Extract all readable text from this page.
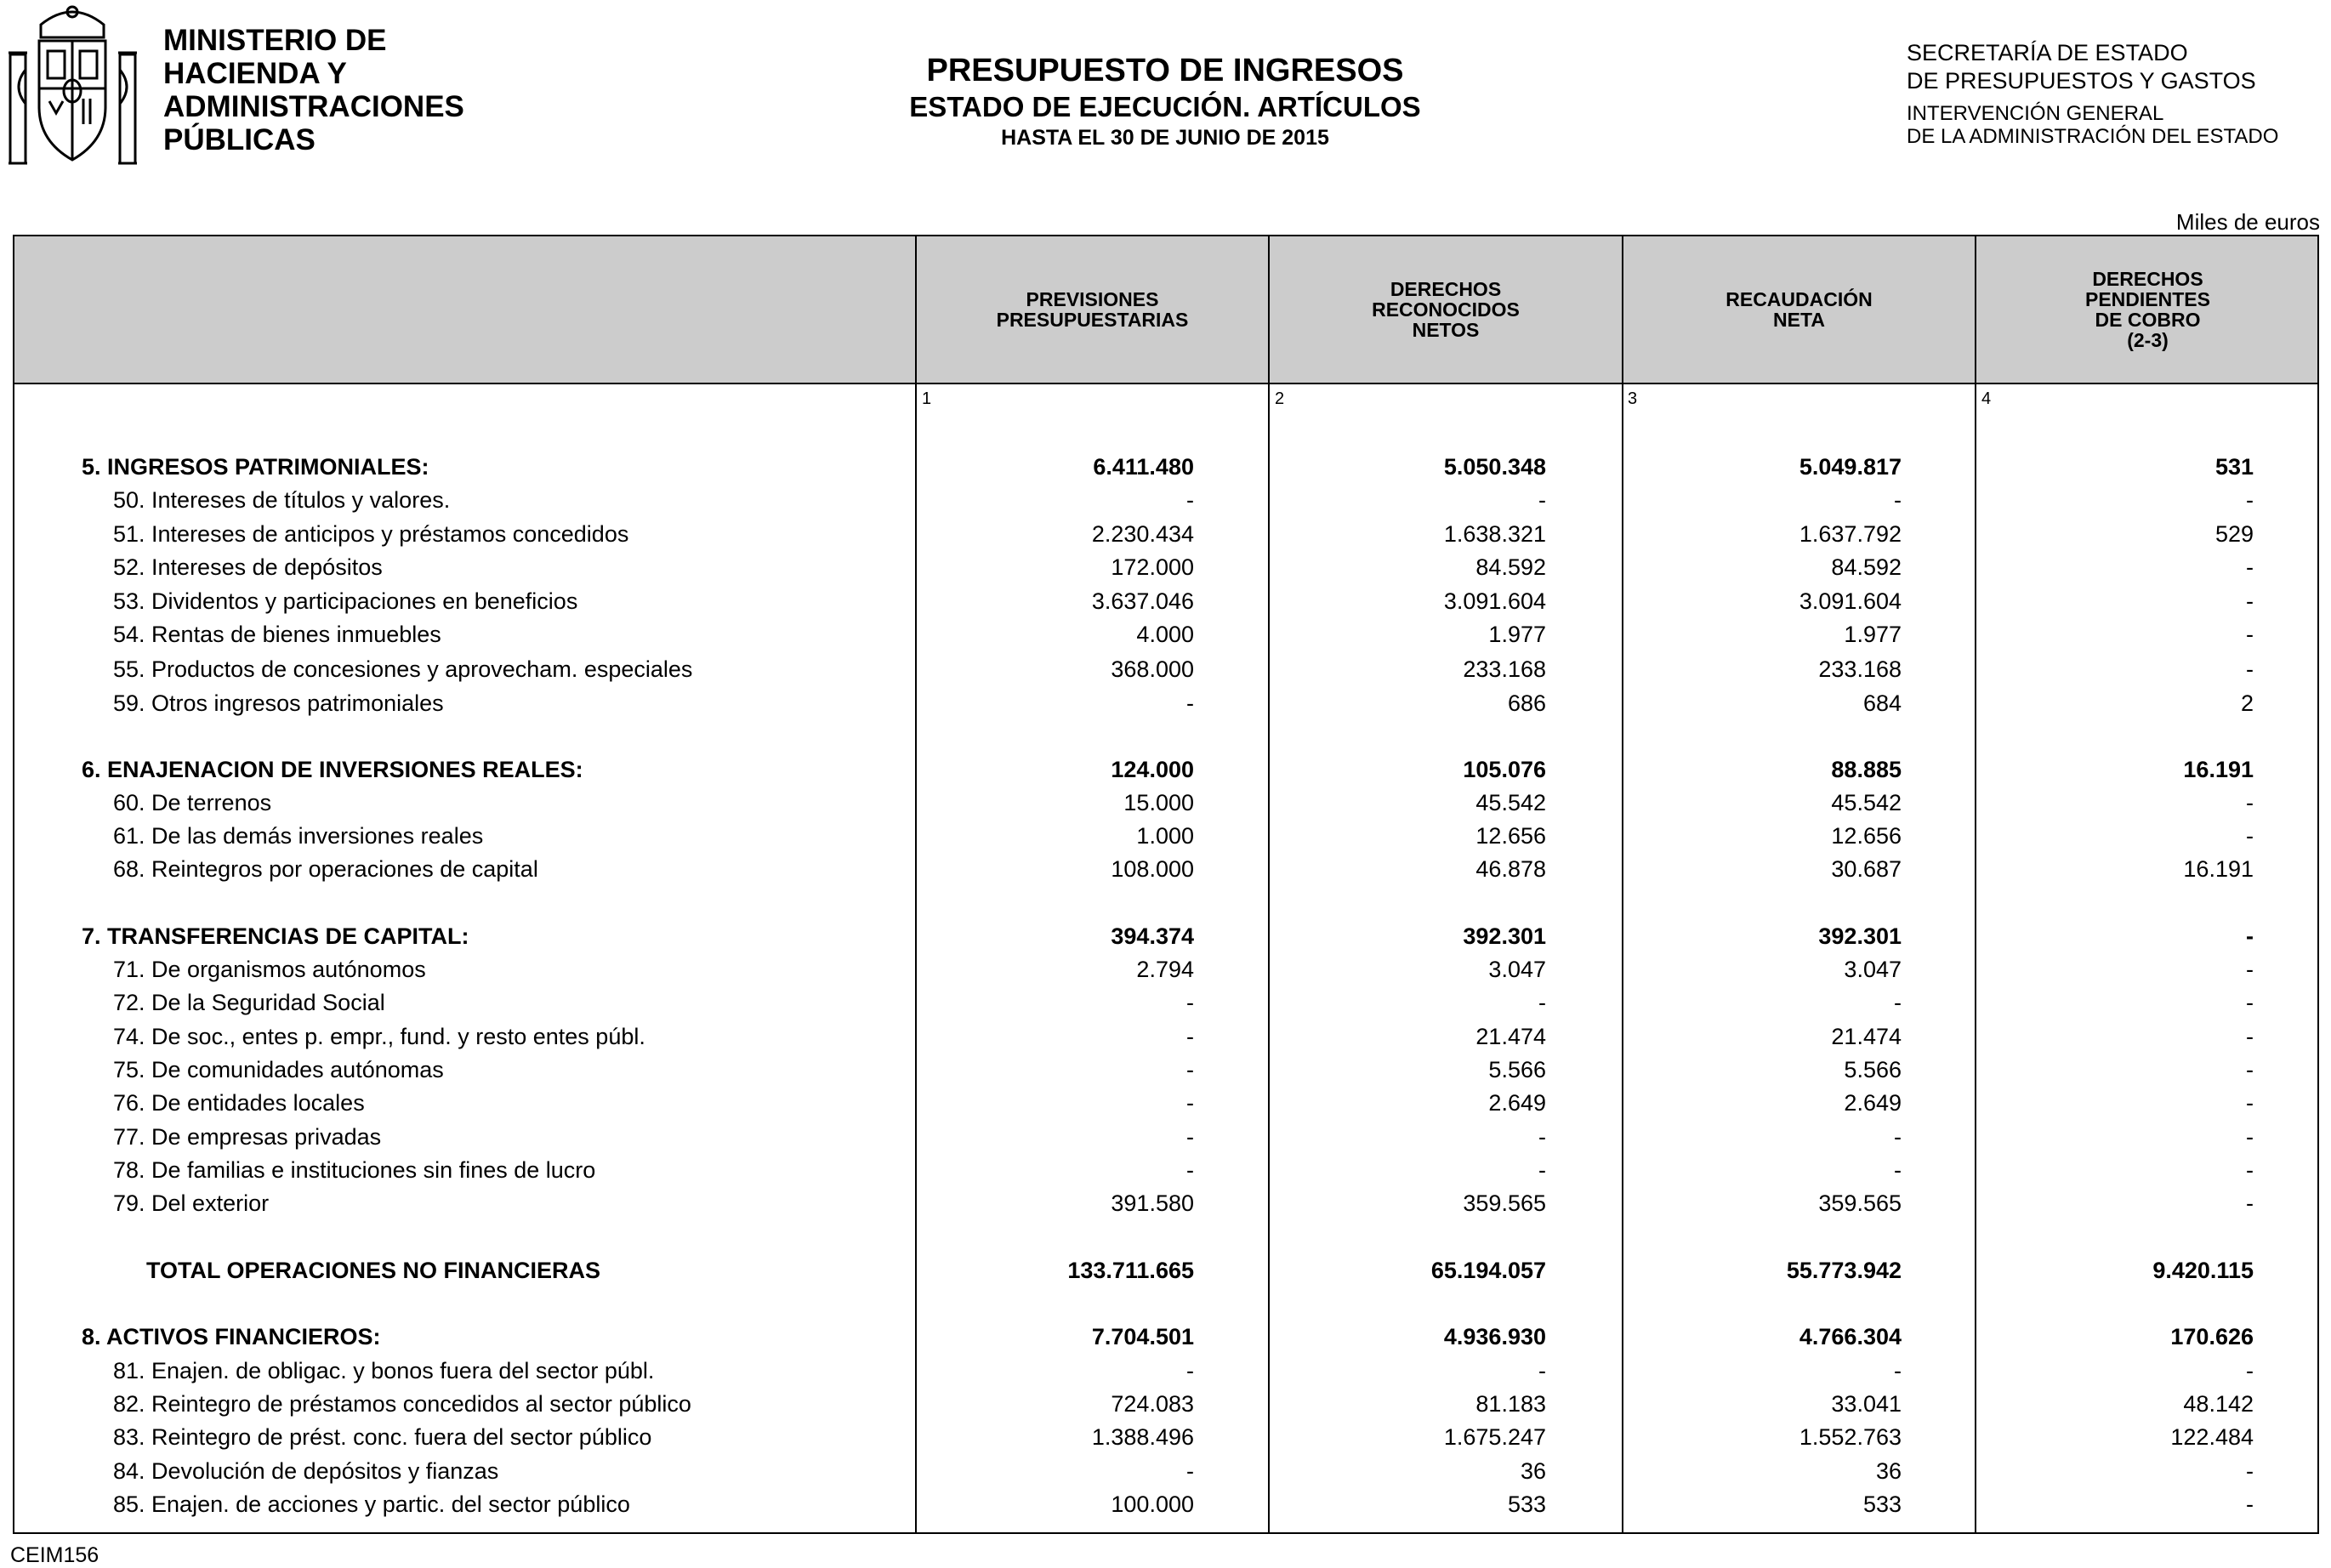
MINISTERIO DE
HACIENDA Y
ADMINISTRACIONES
PÚBLICAS
PRESUPUESTO DE INGRESOS
ESTADO DE EJECUCIÓN. ARTÍCULOS
HASTA EL 30 DE JUNIO DE 2015
SECRETARÍA DE ESTADO
DE PRESUPUESTOS Y GASTOS
INTERVENCIÓN GENERAL
DE LA ADMINISTRACIÓN DEL ESTADO
Miles de euros
PREVISIONES
PRESUPUESTARIAS
DERECHOS
RECONOCIDOS
NETOS
RECAUDACIÓN
NETA
DERECHOS
PENDIENTES
DE COBRO
(2-3)
1	2	3	4
5. INGRESOS PATRIMONIALES:	6.411.480	5.050.348	5.049.817	531
50. Intereses de títulos y valores.	-	-	-	-
51. Intereses de anticipos y préstamos concedidos	2.230.434	1.638.321	1.637.792	529
52. Intereses de depósitos	172.000	84.592	84.592	-
53. Dividentos y participaciones en beneficios	3.637.046	3.091.604	3.091.604	-
54. Rentas de bienes inmuebles	4.000	1.977	1.977	-
55. Productos de concesiones y aprovecham. especiales	368.000	233.168	233.168	-
59. Otros ingresos patrimoniales	-	686	684	2
6. ENAJENACION DE INVERSIONES REALES:	124.000	105.076	88.885	16.191
60. De terrenos	15.000	45.542	45.542	-
61. De las demás inversiones reales	1.000	12.656	12.656	-
68. Reintegros por operaciones de capital	108.000	46.878	30.687	16.191
7. TRANSFERENCIAS DE CAPITAL:	394.374	392.301	392.301	-
71. De organismos autónomos	2.794	3.047	3.047	-
72. De la Seguridad Social	-	-	-	-
74. De soc., entes p. empr., fund. y resto entes públ.	-	21.474	21.474	-
75. De comunidades autónomas	-	5.566	5.566	-
76. De entidades locales	-	2.649	2.649	-
77. De empresas privadas	-	-	-	-
78. De familias e instituciones sin fines de lucro	-	-	-	-
79. Del exterior	391.580	359.565	359.565	-
TOTAL OPERACIONES NO FINANCIERAS	133.711.665	65.194.057	55.773.942	9.420.115
8. ACTIVOS FINANCIEROS:	7.704.501	4.936.930	4.766.304	170.626
81. Enajen. de obligac. y bonos fuera del sector públ.	-	-	-	-
82. Reintegro de préstamos concedidos al sector público	724.083	81.183	33.041	48.142
83. Reintegro de prést. conc. fuera del sector público	1.388.496	1.675.247	1.552.763	122.484
84. Devolución de depósitos y fianzas	-	36	36	-
85. Enajen. de acciones y partic. del sector público	100.000	533	533	-
CEIM156
